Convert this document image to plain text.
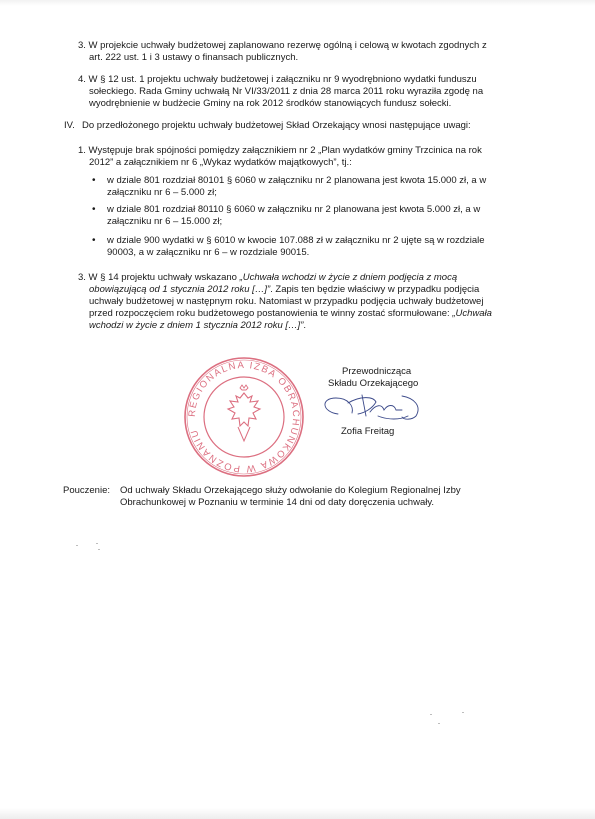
3. W projekcie uchwały budżetowej zaplanowano rezerwę ogólną i celową w kwotach zgodnych z

art. 222 ust. 1 i 3 ustawy o finansach publicznych.

4. W § 12 ust. 1 projektu uchwały budżetowej i załączniku nr 9 wyodrębniono wydatki funduszu

sołeckiego. Rada Gminy uchwałą Nr VI/33/2011 z dnia 28 marca 2011 roku wyraziła zgodę na

wyodrębnienie w budżecie Gminy na rok 2012 środków stanowiących fundusz sołecki.

IV. Do przedłożonego projektu uchwały budżetowej Skład Orzekający wnosi następujące uwagi:

1. Występuje brak spójności pomiędzy załącznikiem nr 2 „Plan wydatków gminy Trzcinica na rok

2012” a załącznikiem nr 6 „Wykaz wydatków majątkowych”, tj.:

• w dziale 801 rozdział 80101 § 6060 w załączniku nr 2 planowana jest kwota 15.000 zł, a w

załączniku nr 6 – 5.000 zł;

• w dziale 801 rozdział 80110 § 6060 w załączniku nr 2 planowana jest kwota 5.000 zł, a w

załączniku nr 6 – 15.000 zł;

• w dziale 900 wydatki w § 6010 w kwocie 107.088 zł w załączniku nr 2 ujęte są w rozdziale

90003, a w załączniku nr 6 – w rozdziale 90015.

3. W § 14 projektu uchwały wskazano „Uchwała wchodzi w życie z dniem podjęcia z mocą

obowiązującą od 1 stycznia 2012 roku […]”. Zapis ten będzie właściwy w przypadku podjęcia

uchwały budżetowej w następnym roku. Natomiast w przypadku podjęcia uchwały budżetowej

przed rozpoczęciem roku budżetowego postanowienia te winny zostać sformułowane: „Uchwała

wchodzi w życie z dniem 1 stycznia 2012 roku […]”.

REGIONALNA IZBA OBRACHUNKOWA W POZNANIU

Przewodnicząca

Składu Orzekającego

Zofia Freitag

Pouczenie: Od uchwały Składu Orzekającego służy odwołanie do Kolegium Regionalnej Izby

Obrachunkowej w Poznaniu w terminie 14 dni od daty doręczenia uchwały.
